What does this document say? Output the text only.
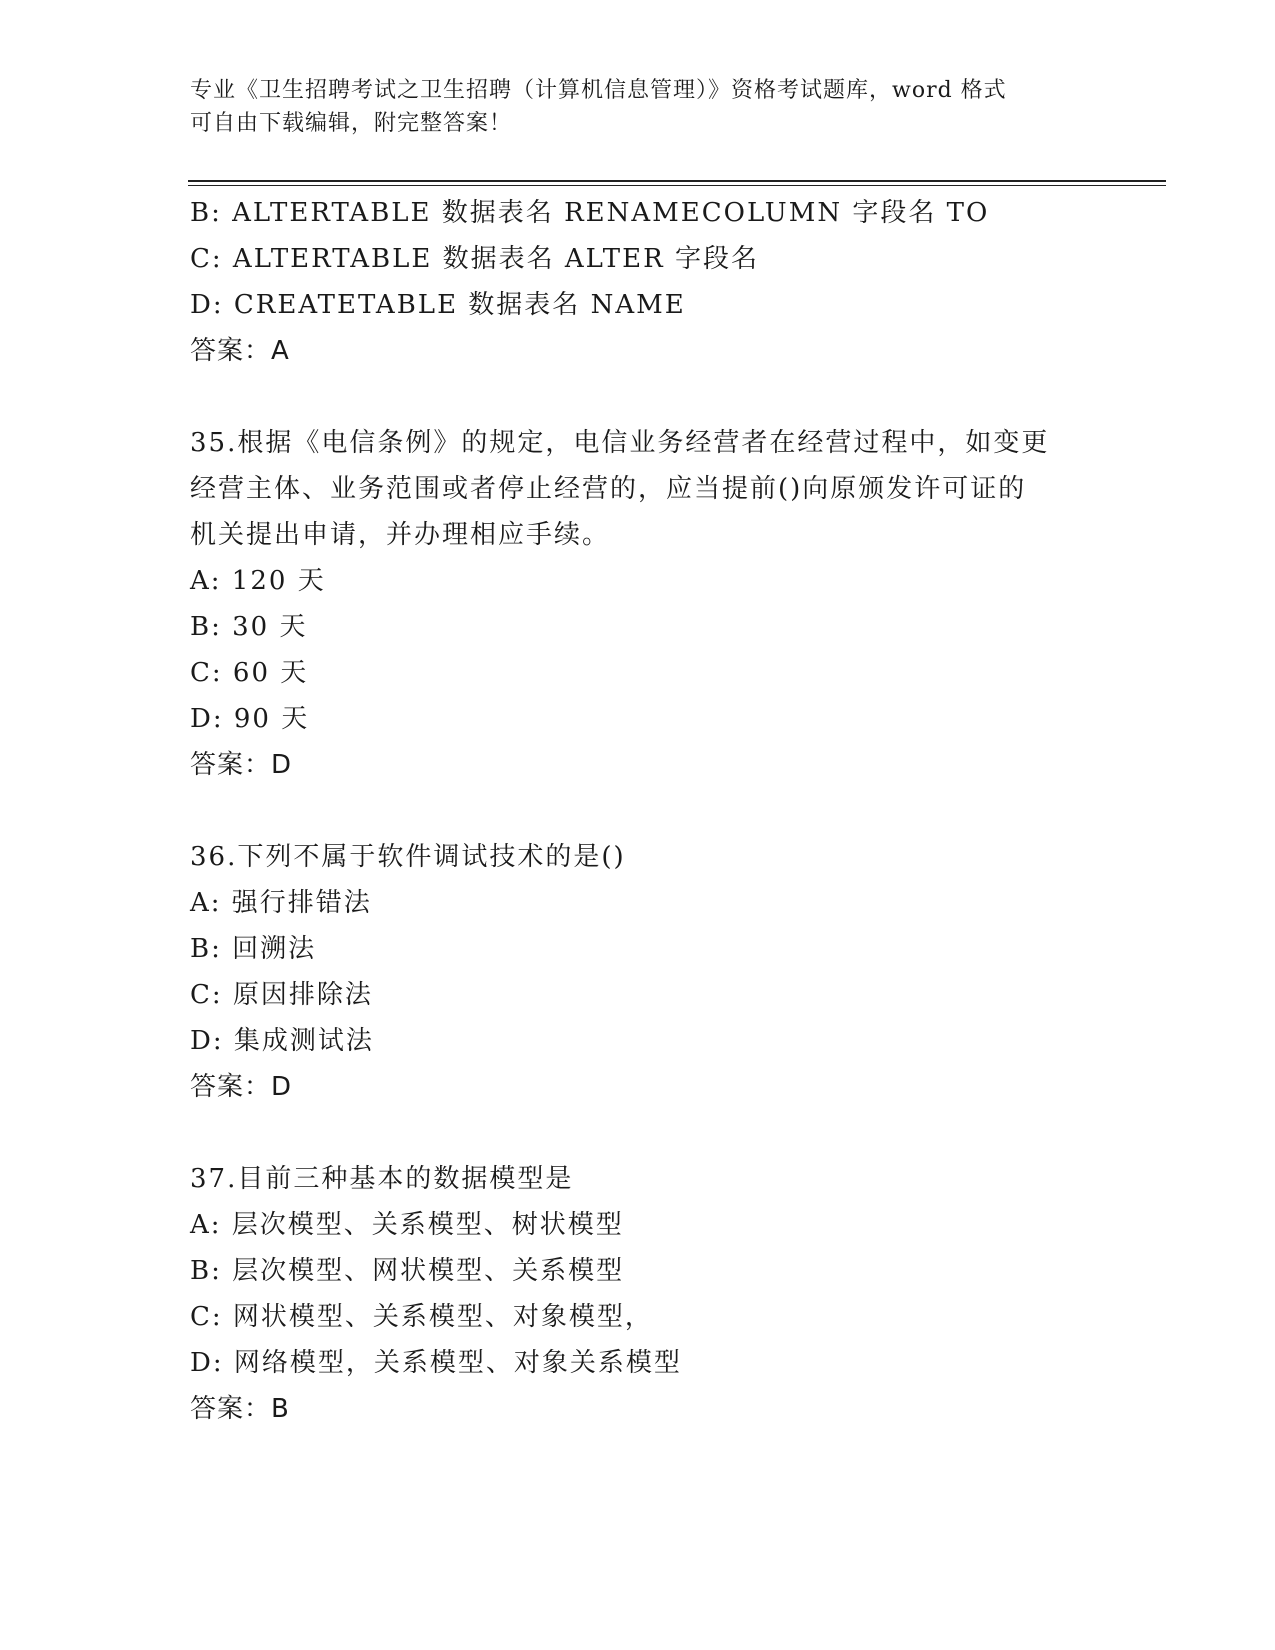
专业《卫生招聘考试之卫生招聘（计算机信息管理）》资格考试题库，word 格式
可自由下载编辑，附完整答案！
B: ALTERTABLE 数据表名 RENAMECOLUMN 字段名 TO
C: ALTERTABLE 数据表名 ALTER 字段名
D: CREATETABLE 数据表名 NAME
答案：A
35.根据《电信条例》的规定，电信业务经营者在经营过程中，如变更
经营主体、业务范围或者停止经营的，应当提前()向原颁发许可证的
机关提出申请，并办理相应手续。
A: 120 天
B: 30 天
C: 60 天
D: 90 天
答案：D
36.下列不属于软件调试技术的是()
A: 强行排错法
B: 回溯法
C: 原因排除法
D: 集成测试法
答案：D
37.目前三种基本的数据模型是
A: 层次模型、关系模型、树状模型
B: 层次模型、网状模型、关系模型
C: 网状模型、关系模型、对象模型，
D: 网络模型，关系模型、对象关系模型
答案：B
